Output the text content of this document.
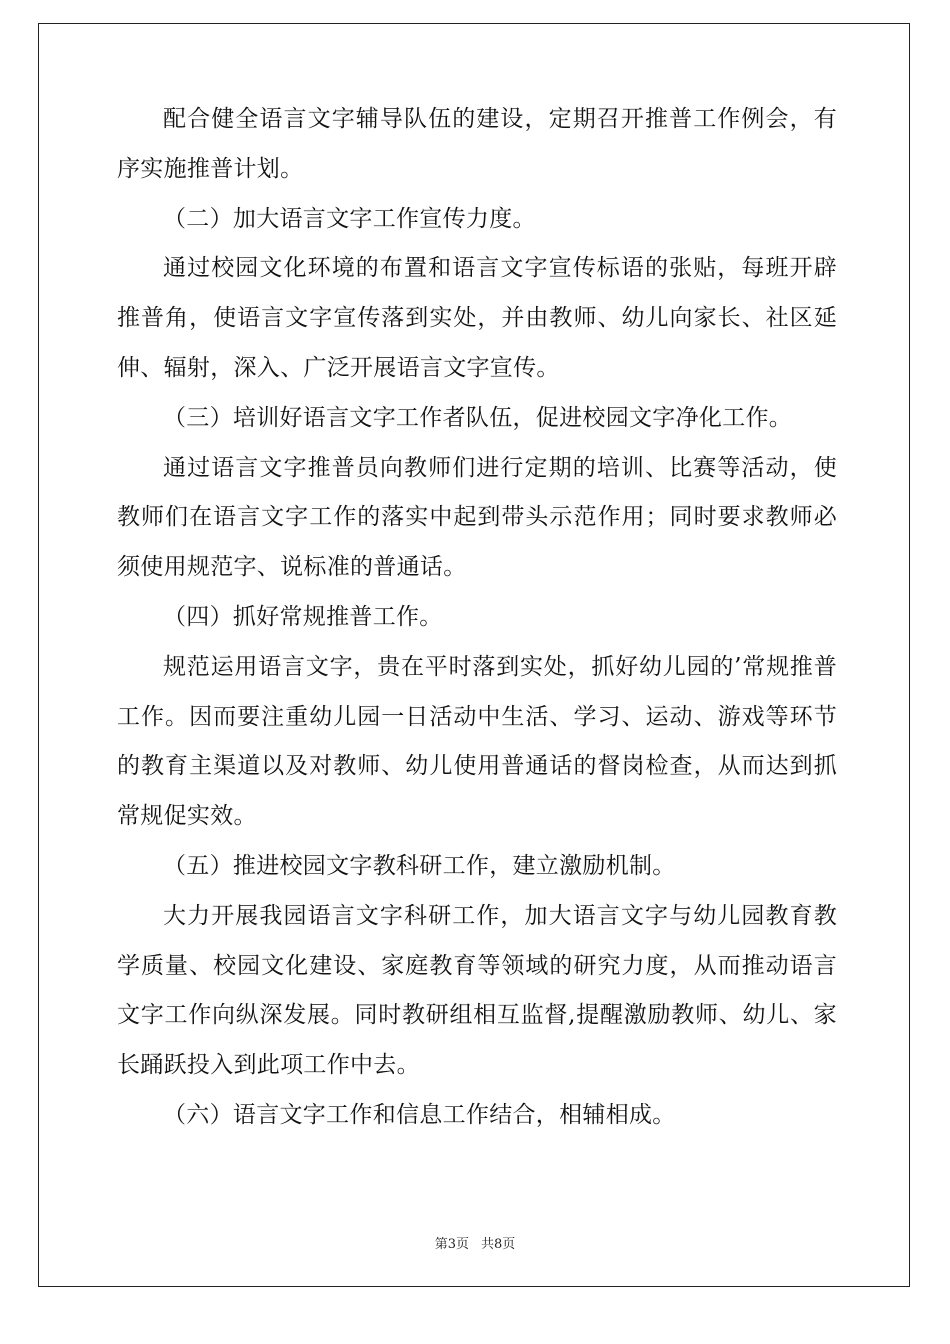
配合健全语言文字辅导队伍的建设，定期召开推普工作例会，有序实施推普计划。

（二）加大语言文字工作宣传力度。

通过校园文化环境的布置和语言文字宣传标语的张贴，每班开辟推普角，使语言文字宣传落到实处，并由教师、幼儿向家长、社区延伸、辐射，深入、广泛开展语言文字宣传。

（三）培训好语言文字工作者队伍，促进校园文字净化工作。

通过语言文字推普员向教师们进行定期的培训、比赛等活动，使教师们在语言文字工作的落实中起到带头示范作用；同时要求教师必须使用规范字、说标准的普通话。

（四）抓好常规推普工作。

规范运用语言文字，贵在平时落到实处，抓好幼儿园的’常规推普工作。因而要注重幼儿园一日活动中生活、学习、运动、游戏等环节的教育主渠道以及对教师、幼儿使用普通话的督岗检查，从而达到抓常规促实效。

（五）推进校园文字教科研工作，建立激励机制。

大力开展我园语言文字科研工作，加大语言文字与幼儿园教育教学质量、校园文化建设、家庭教育等领域的研究力度，从而推动语言文字工作向纵深发展。同时教研组相互监督,提醒激励教师、幼儿、家长踊跃投入到此项工作中去。

（六）语言文字工作和信息工作结合，相辅相成。

第3页 共8页
